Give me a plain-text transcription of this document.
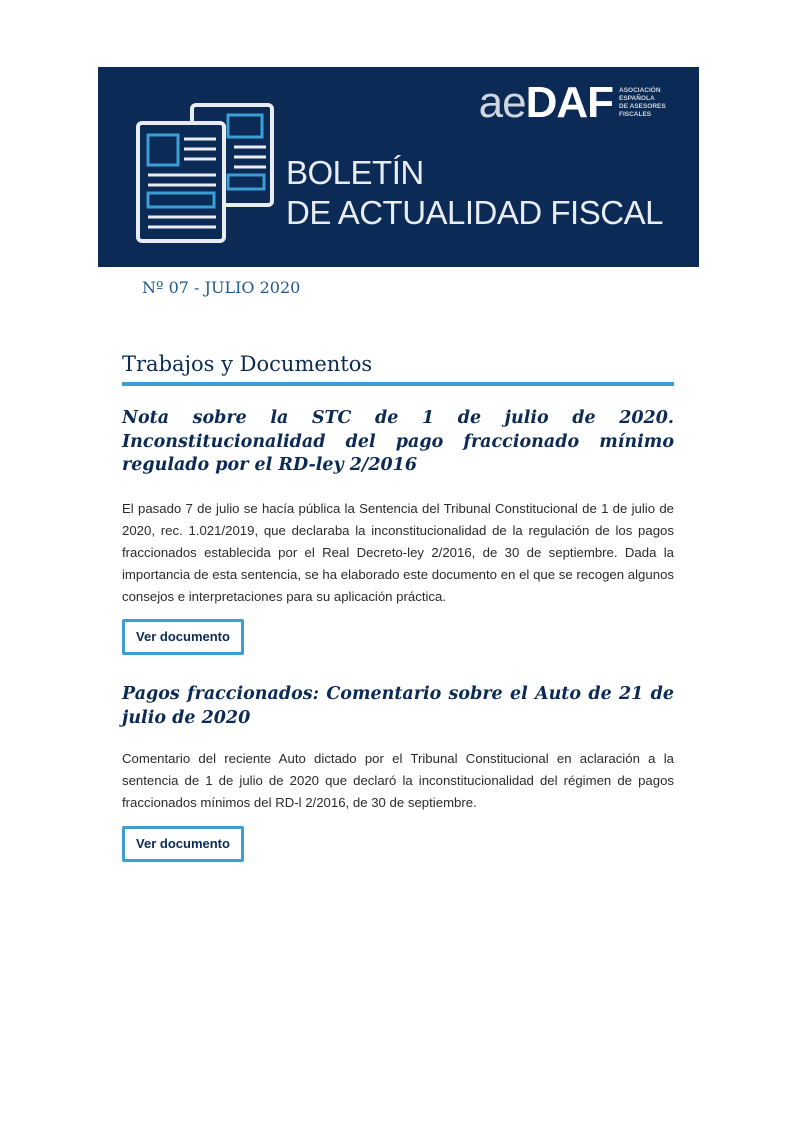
aeDAF ASOCIACIÓN
ESPAÑOLA
DE ASESORES
FISCALES
BOLETÍN
DE ACTUALIDAD FISCAL
Nº 07 - JULIO 2020
Trabajos y Documentos

Nota sobre la STC de 1 de julio de 2020. Inconstitucionalidad del pago fraccionado mínimo regulado por el RD-ley 2/2016

El pasado 7 de julio se hacía pública la Sentencia del Tribunal Constitucional de 1 de julio de 2020, rec. 1.021/2019, que declaraba la inconstitucionalidad de la regulación de los pagos fraccionados establecida por el Real Decreto-ley 2/2016, de 30 de septiembre. Dada la importancia de esta sentencia, se ha elaborado este documento en el que se recogen algunos consejos e interpretaciones para su aplicación práctica.

Ver documento

Pagos fraccionados: Comentario sobre el Auto de 21 de julio de 2020

Comentario del reciente Auto dictado por el Tribunal Constitucional en aclaración a la sentencia de 1 de julio de 2020 que declaró la inconstitucionalidad del régimen de pagos fraccionados mínimos del RD-l 2/2016, de 30 de septiembre.

Ver documento
